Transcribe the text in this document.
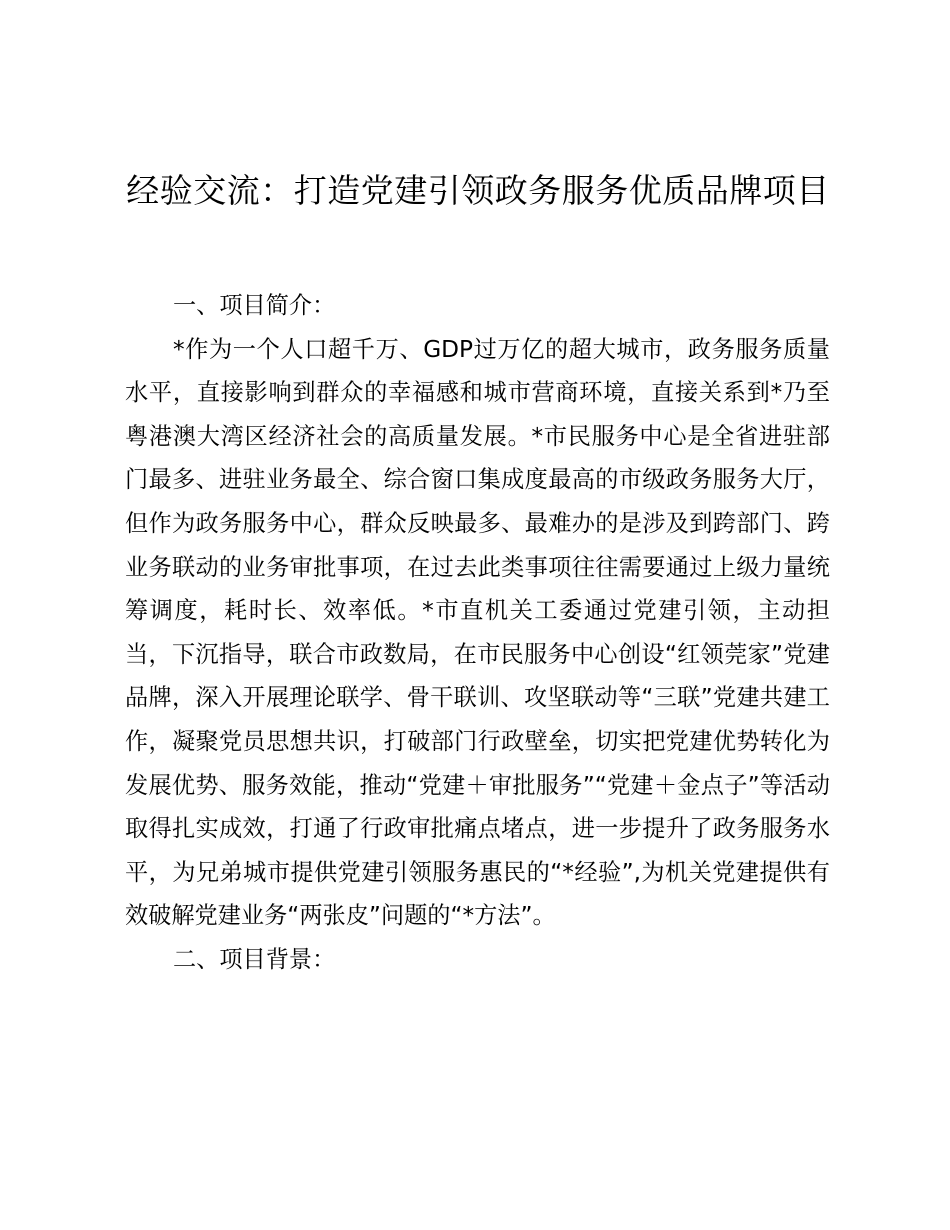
经验交流：打造党建引领政务服务优质品牌项目

一、项目简介：

*作为一个人口超千万、GDP过万亿的超大城市，政务服务质量水平，直接影响到群众的幸福感和城市营商环境，直接关系到*乃至粤港澳大湾区经济社会的高质量发展。*市民服务中心是全省进驻部门最多、进驻业务最全、综合窗口集成度最高的市级政务服务大厅，但作为政务服务中心，群众反映最多、最难办的是涉及到跨部门、跨业务联动的业务审批事项，在过去此类事项往往需要通过上级力量统筹调度，耗时长、效率低。*市直机关工委通过党建引领，主动担当，下沉指导，联合市政数局，在市民服务中心创设“红领莞家”党建品牌，深入开展理论联学、骨干联训、攻坚联动等“三联”党建共建工作，凝聚党员思想共识，打破部门行政壁垒，切实把党建优势转化为发展优势、服务效能，推动“党建＋审批服务”“党建＋金点子”等活动取得扎实成效，打通了行政审批痛点堵点，进一步提升了政务服务水平，为兄弟城市提供党建引领服务惠民的“*经验”,为机关党建提供有效破解党建业务“两张皮”问题的“*方法”。

二、项目背景：
